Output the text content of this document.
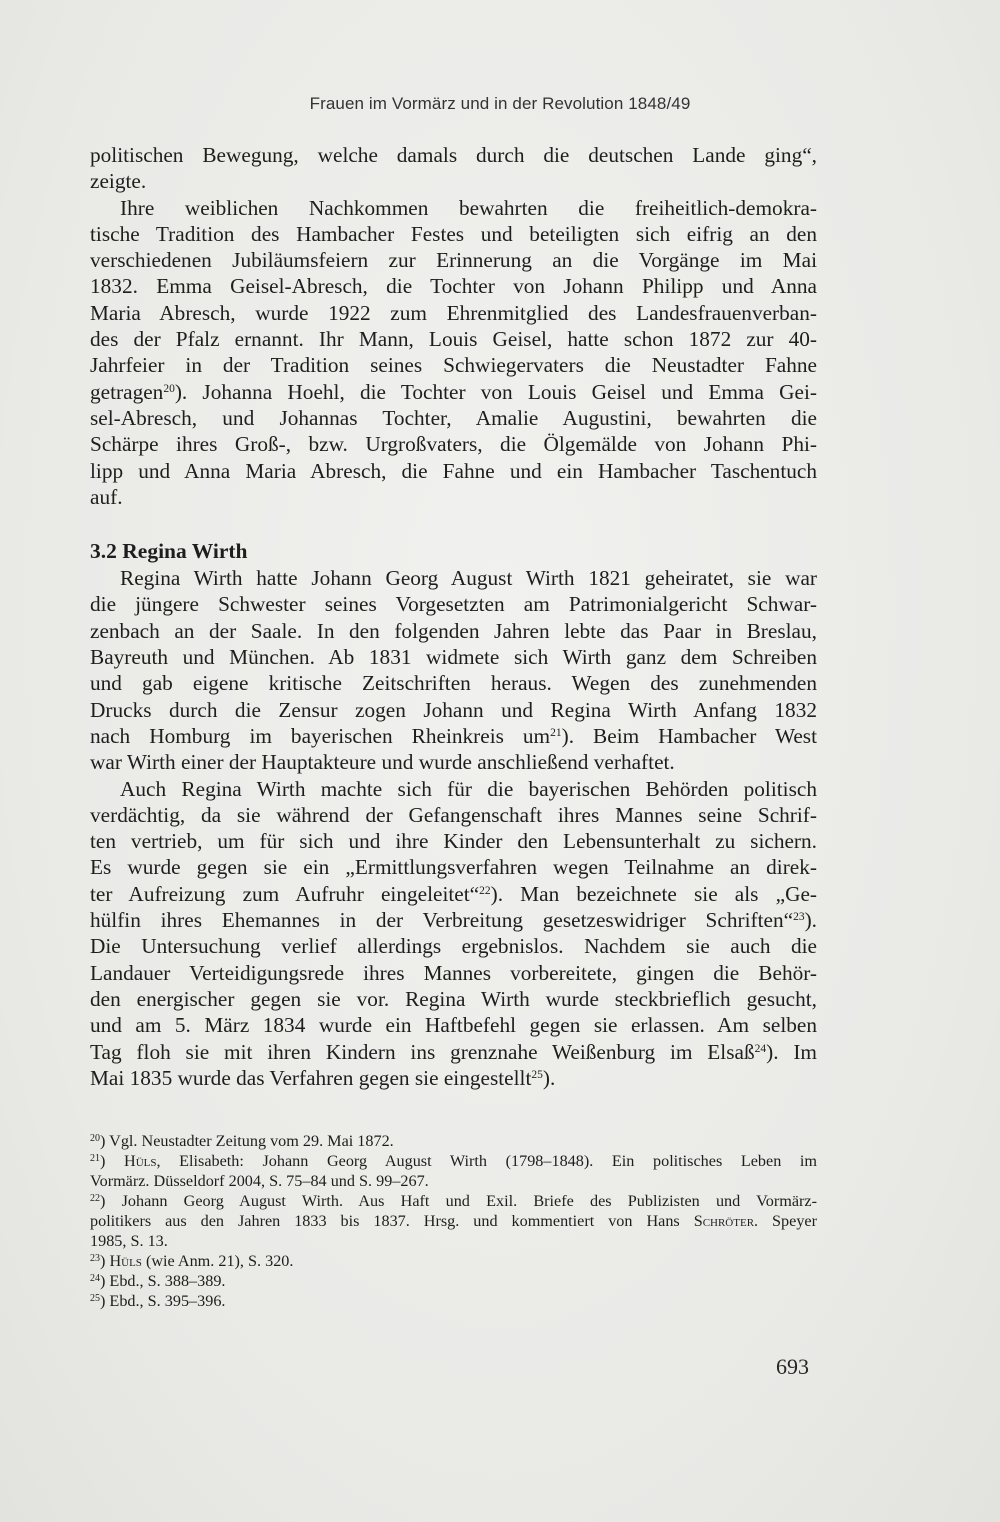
Frauen im Vormärz und in der Revolution 1848/49
politischen Bewegung, welche damals durch die deutschen Lande ging“,
zeigte.
Ihre weiblichen Nachkommen bewahrten die freiheitlich-demokra-
tische Tradition des Hambacher Festes und beteiligten sich eifrig an den
verschiedenen Jubiläumsfeiern zur Erinnerung an die Vorgänge im Mai
1832. Emma Geisel-Abresch, die Tochter von Johann Philipp und Anna
Maria Abresch, wurde 1922 zum Ehrenmitglied des Landesfrauenverban-
des der Pfalz ernannt. Ihr Mann, Louis Geisel, hatte schon 1872 zur 40-
Jahrfeier in der Tradition seines Schwiegervaters die Neustadter Fahne
getragen$^{20}$). Johanna Hoehl, die Tochter von Louis Geisel und Emma Gei-
sel-Abresch, und Johannas Tochter, Amalie Augustini, bewahrten die
Schärpe ihres Groß-, bzw. Urgroßvaters, die Ölgemälde von Johann Phi-
lipp und Anna Maria Abresch, die Fahne und ein Hambacher Taschentuch
auf.
3.2 Regina Wirth
Regina Wirth hatte Johann Georg August Wirth 1821 geheiratet, sie war
die jüngere Schwester seines Vorgesetzten am Patrimonialgericht Schwar-
zenbach an der Saale. In den folgenden Jahren lebte das Paar in Breslau,
Bayreuth und München. Ab 1831 widmete sich Wirth ganz dem Schreiben
und gab eigene kritische Zeitschriften heraus. Wegen des zunehmenden
Drucks durch die Zensur zogen Johann und Regina Wirth Anfang 1832
nach Homburg im bayerischen Rheinkreis um$^{21}$). Beim Hambacher West
war Wirth einer der Hauptakteure und wurde anschließend verhaftet.
Auch Regina Wirth machte sich für die bayerischen Behörden politisch
verdächtig, da sie während der Gefangenschaft ihres Mannes seine Schrif-
ten vertrieb, um für sich und ihre Kinder den Lebensunterhalt zu sichern.
Es wurde gegen sie ein „Ermittlungsverfahren wegen Teilnahme an direk-
ter Aufreizung zum Aufruhr eingeleitet“$^{22}$). Man bezeichnete sie als „Ge-
hülfin ihres Ehemannes in der Verbreitung gesetzeswidriger Schriften“$^{23}$).
Die Untersuchung verlief allerdings ergebnislos. Nachdem sie auch die
Landauer Verteidigungsrede ihres Mannes vorbereitete, gingen die Behör-
den energischer gegen sie vor. Regina Wirth wurde steckbrieflich gesucht,
und am 5. März 1834 wurde ein Haftbefehl gegen sie erlassen. Am selben
Tag floh sie mit ihren Kindern ins grenznahe Weißenburg im Elsaß$^{24}$). Im
Mai 1835 wurde das Verfahren gegen sie eingestellt$^{25}$).
$^{20}$) Vgl. Neustadter Zeitung vom 29. Mai 1872.
$^{21}$) Hüls, Elisabeth: Johann Georg August Wirth (1798–1848). Ein politisches Leben im
Vormärz. Düsseldorf 2004, S. 75–84 und S. 99–267.
$^{22}$) Johann Georg August Wirth. Aus Haft und Exil. Briefe des Publizisten und Vormärz-
politikers aus den Jahren 1833 bis 1837. Hrsg. und kommentiert von Hans Schröter. Speyer
1985, S. 13.
$^{23}$) Hüls (wie Anm. 21), S. 320.
$^{24}$) Ebd., S. 388–389.
$^{25}$) Ebd., S. 395–396.
693
